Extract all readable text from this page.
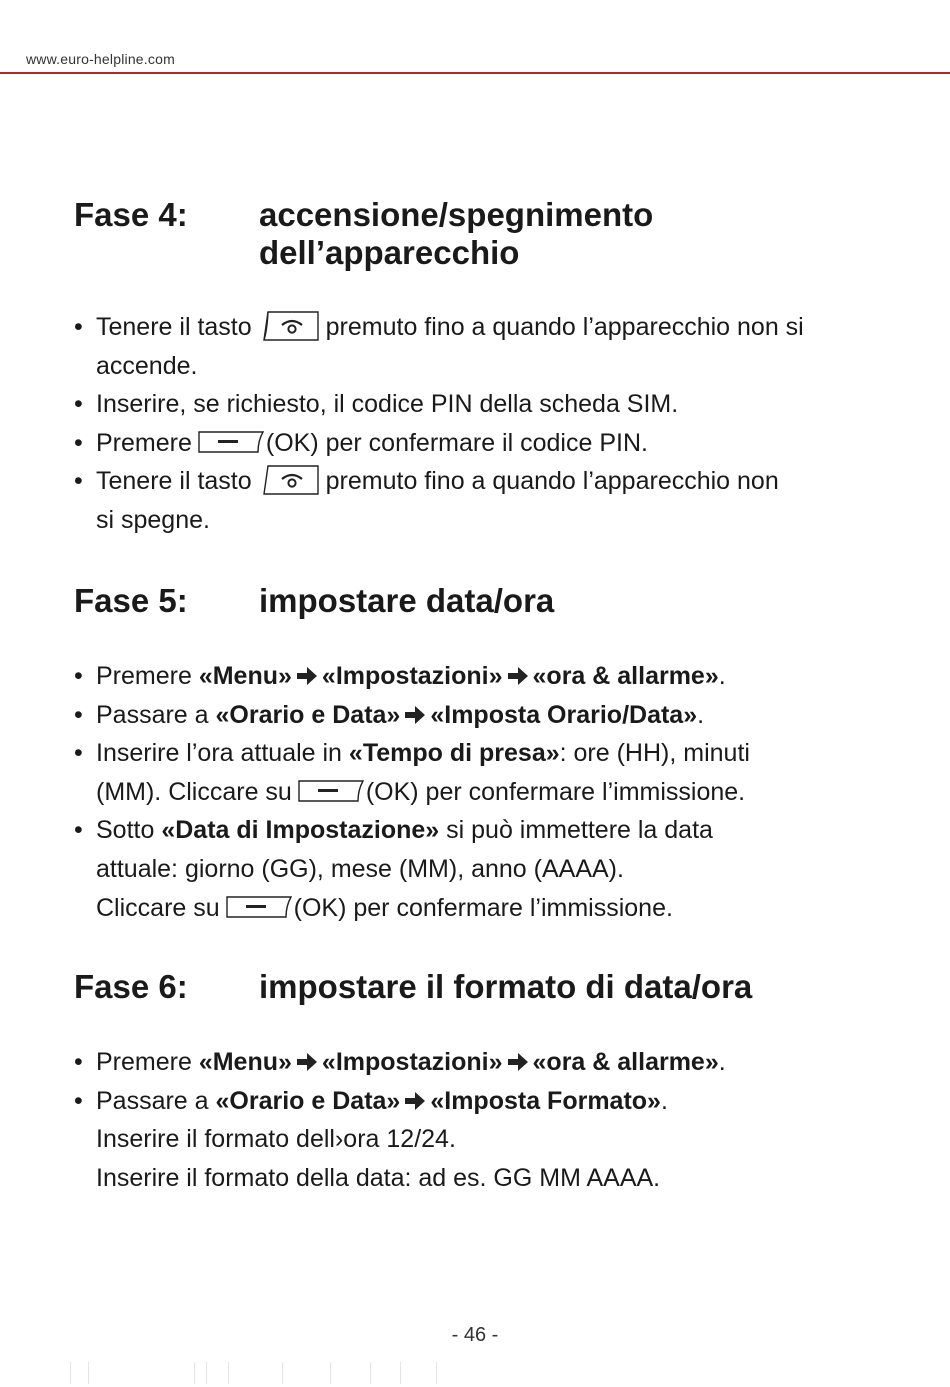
www.euro-helpline.com
Fase 4:	accensione/spegnimento
dell’apparecchio
• Tenere il tasto	premuto fino a quando l’apparecchio non si
accende.
• Inserire, se richiesto, il codice PIN della scheda SIM.
• Premere	(OK) per confermare il codice PIN.
• Tenere il tasto	premuto fino a quando l’apparecchio non
si spegne.
Fase 5:	impostare data/ora
• Premere «Menu» «Impostazioni» «ora & allarme».
• Passare a «Orario e Data» «Imposta Orario/Data».
• Inserire l’ora attuale in «Tempo di presa»: ore (HH), minuti
(MM). Cliccare su	(OK) per confermare l’immissione.
• Sotto «Data di Impostazione» si può immettere la data
attuale: giorno (GG), mese (MM), anno (AAAA).
Cliccare su	(OK) per confermare l’immissione.
Fase 6:	impostare il formato di data/ora
• Premere «Menu» «Impostazioni» «ora & allarme».
• Passare a «Orario e Data» «Imposta Formato».
Inserire il formato dell›ora 12/24.
Inserire il formato della data: ad es. GG MM AAAA.
- 46 -
